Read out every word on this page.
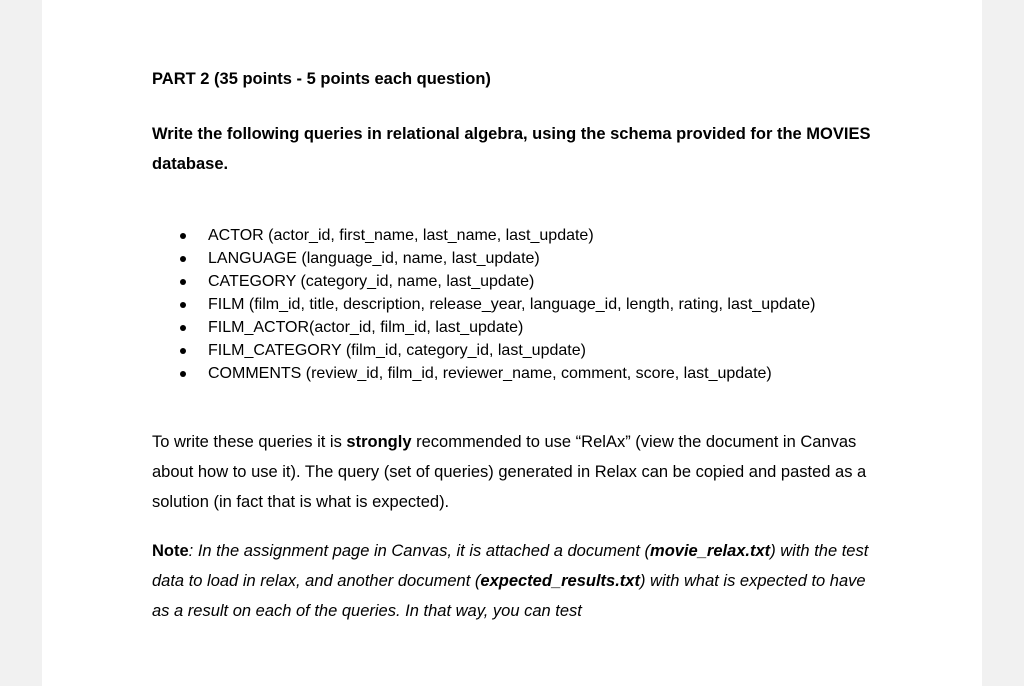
PART 2 (35 points - 5 points each question)
Write the following queries in relational algebra, using the schema provided for the MOVIES database.
ACTOR (actor_id, first_name, last_name, last_update)
LANGUAGE (language_id, name, last_update)
CATEGORY (category_id, name, last_update)
FILM (film_id, title, description, release_year, language_id, length, rating, last_update)
FILM_ACTOR(actor_id, film_id, last_update)
FILM_CATEGORY (film_id, category_id, last_update)
COMMENTS (review_id, film_id, reviewer_name, comment, score, last_update)
To write these queries it is strongly recommended to use “RelAx” (view the document in Canvas about how to use it). The query (set of queries) generated in Relax can be copied and pasted as a solution (in fact that is what is expected).
Note: In the assignment page in Canvas, it is attached a document (movie_relax.txt) with the test data to load in relax, and another document (expected_results.txt) with what is expected to have as a result on each of the queries. In that way, you can test
